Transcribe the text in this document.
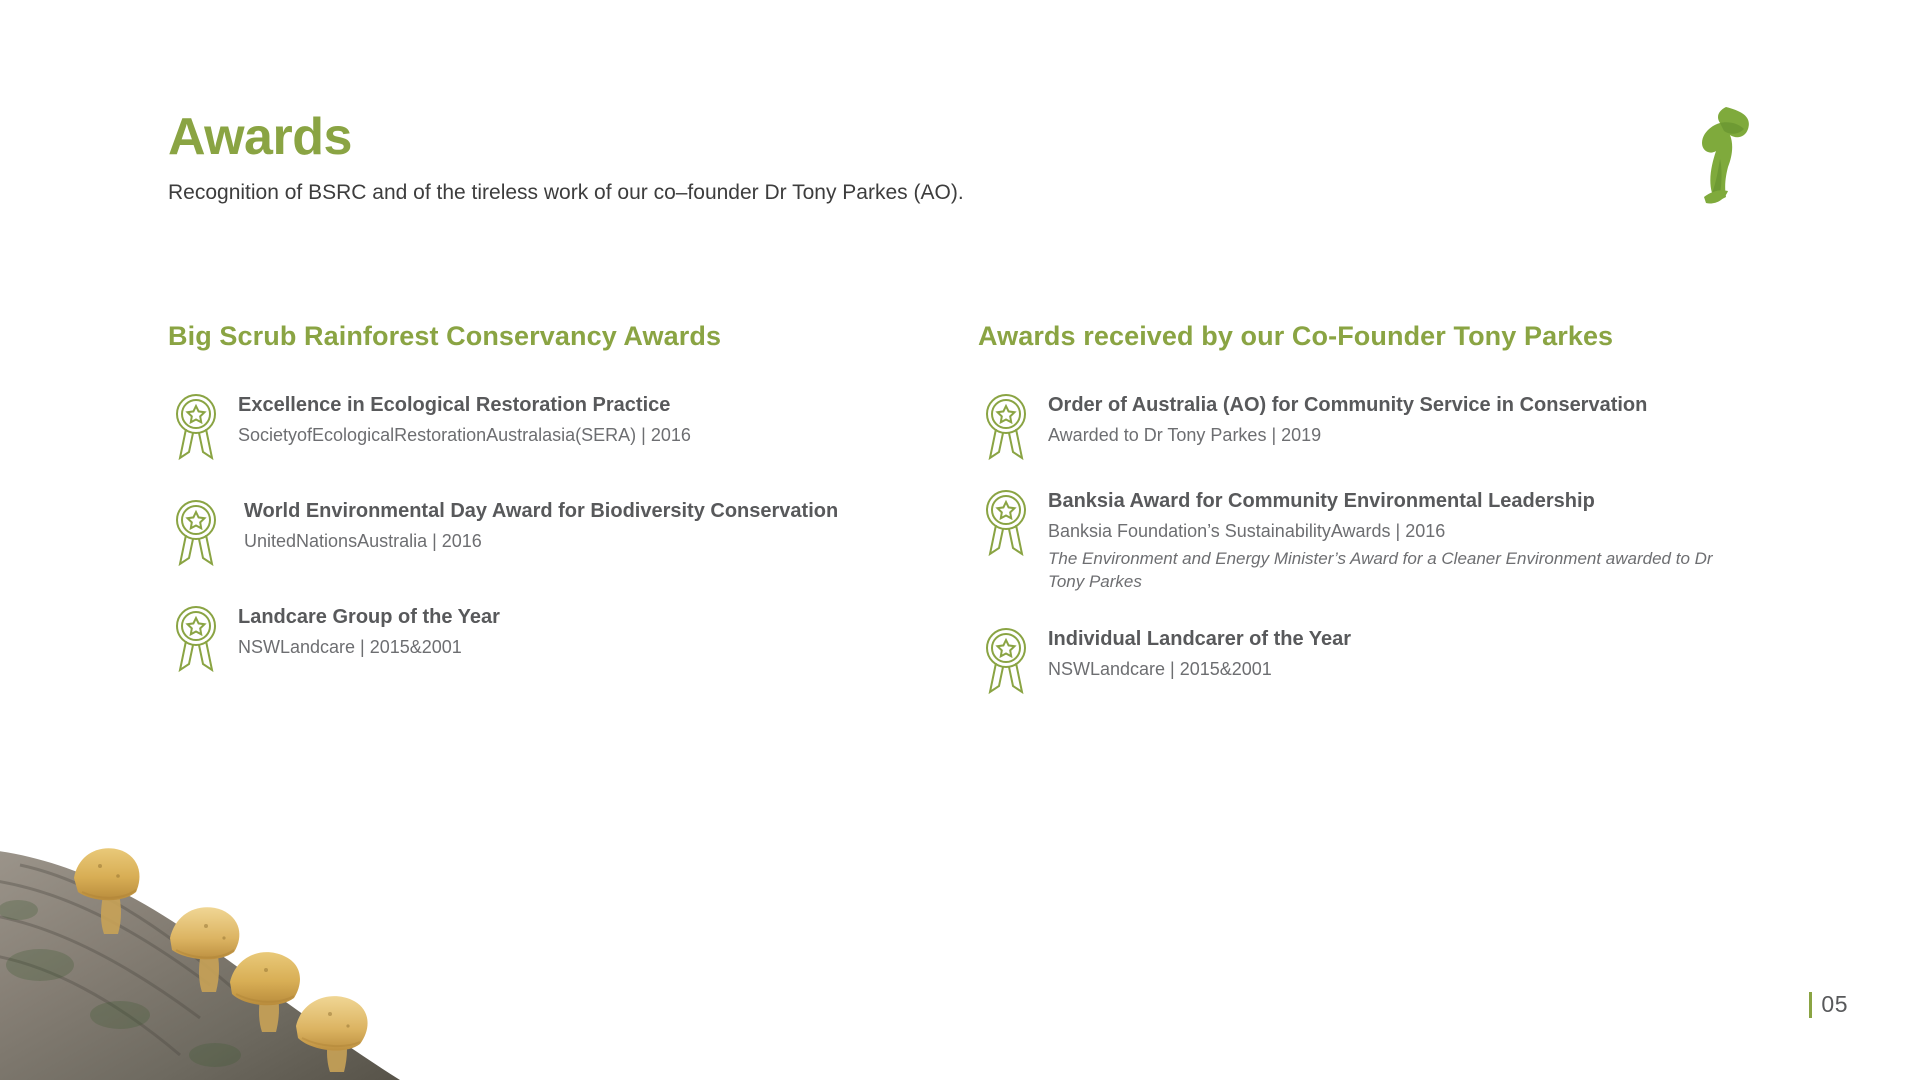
Awards
Recognition of BSRC and of the tireless work of our co–founder Dr Tony Parkes (AO).
Big Scrub Rainforest Conservancy Awards
Excellence in Ecological Restoration Practice
SocietyofEcologicalRestorationAustralasia(SERA) | 2016
World Environmental Day Award for Biodiversity Conservation
UnitedNationsAustralia | 2016
Landcare Group of the Year
NSWLandcare | 2015&2001
Awards received by our Co-Founder Tony Parkes
Order of Australia (AO) for Community Service in Conservation
Awarded to Dr Tony Parkes | 2019
Banksia Award for Community Environmental Leadership
Banksia Foundation’s SustainabilityAwards | 2016
The Environment and Energy Minister’s Award for a Cleaner Environment awarded to Dr Tony Parkes
Individual Landcarer of the Year
NSWLandcare | 2015&2001
05
